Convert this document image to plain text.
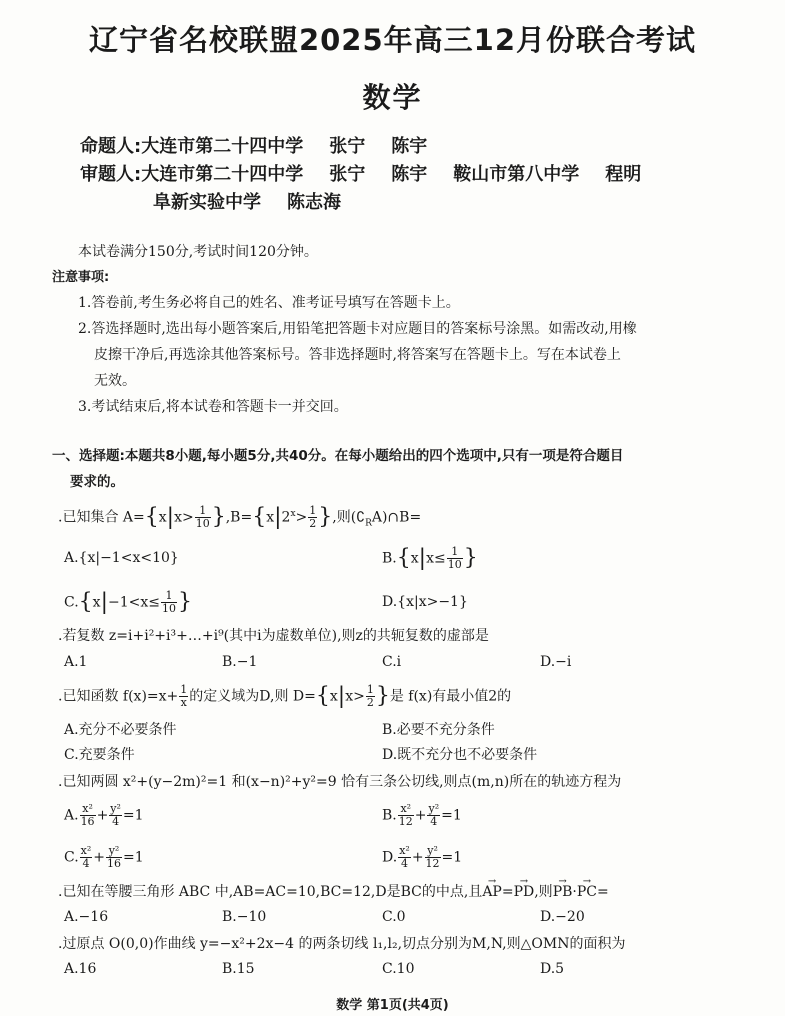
辽宁省名校联盟2025年高三12月份联合考试
数学
命题人:大连市第二十四中学 张宁 陈宇
审题人:大连市第二十四中学 张宁 陈宇 鞍山市第八中学 程明
阜新实验中学 陈志海
本试卷满分150分,考试时间120分钟。
注意事项:
1.答卷前,考生务必将自己的姓名、准考证号填写在答题卡上。
2.答选择题时,选出每小题答案后,用铅笔把答题卡对应题目的答案标号涂黑。如需改动,用橡
皮擦干净后,再选涂其他答案标号。答非选择题时,将答案写在答题卡上。写在本试卷上
无效。
3.考试结束后,将本试卷和答题卡一并交回。
一、选择题:本题共8小题,每小题5分,共40分。在每小题给出的四个选项中,只有一项是符合题目
要求的。
.已知集合 $A=\{x|x> \frac{1}{10} \},B=\{x|2^x> \frac{1}{2}$ },则$(∁_RA)\cap B=$
A.{x|−1<x<10}	$B.\{x|x\le \frac{1}{10}$ }
$C.\{x|-1<x\le \frac{1}{10}$ }	D.{x|x>−1}
.若复数 z=i+i²+i³+…+i⁹(其中i为虚数单位),则z的共轭复数的虚部是
A.1	B.−1	C.i	D.−i
.已知函数 $f(x)=x+ \frac{1}{x}$ 的定义域为D,则 $D=\{x|x> \frac{1}{2}$ }是 f(x)有最小值2的
A.充分不必要条件	B.必要不充分条件
C.充要条件	D.既不充分也不必要条件
.已知两圆 x²+(y−2m)²=1 和(x−n)²+y²=9 恰有三条公切线,则点(m,n)所在的轨迹方程为
A. $\frac{\text{x²}}{16} + \frac{\text{y²}}{4} =1$	B. $\frac{\text{x²}}{12} + \frac{\text{y²}}{4} =1$
C. $\frac{\text{x²}}{4} + \frac{\text{y²}}{16} =1$	D. $\frac{\text{x²}}{4} + \frac{\text{y²}}{12} =1$
.已知在等腰三角形 ABC 中,AB=AC=10,BC=12,D是BC的中点,且→ AP=→ PD,则→ PB·→ PC=
A.−16	B.−10	C.0	D.−20
.过原点 O(0,0)作曲线 y=−x²+2x−4 的两条切线 l₁,l₂,切点分别为M,N,则△OMN的面积为
A.16	B.15	C.10	D.5
数学 第1页(共4页)
